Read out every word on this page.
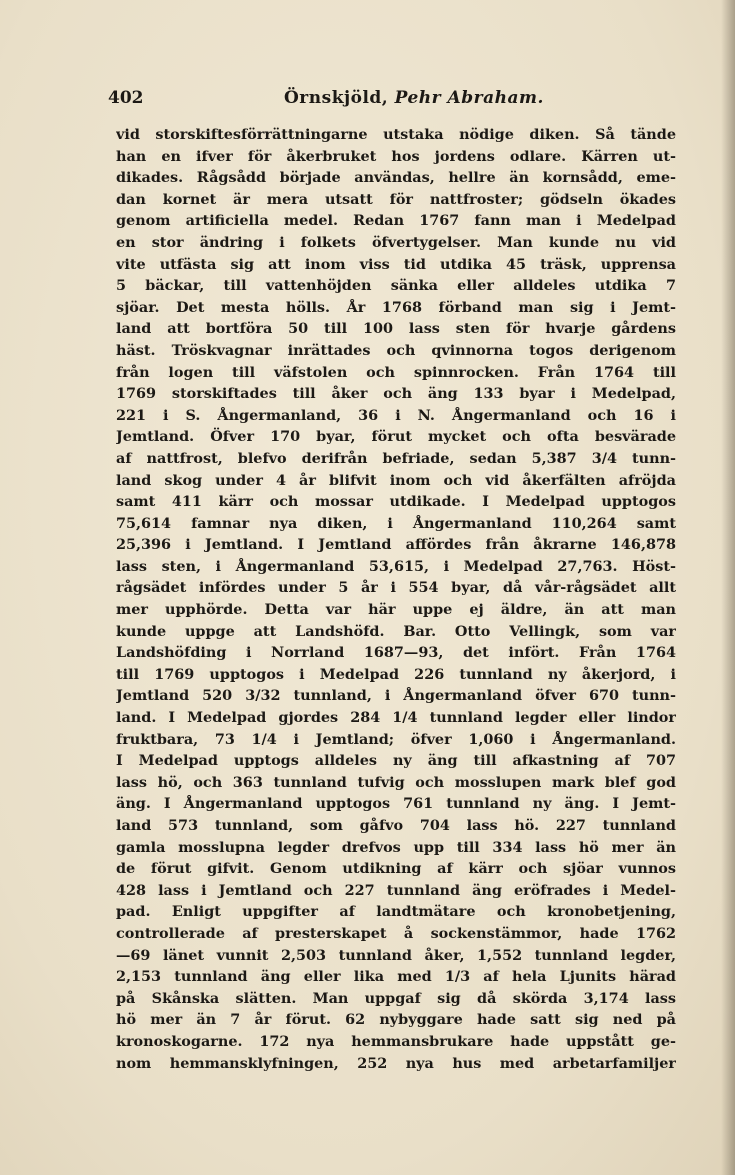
402	Örnskjöld, Pehr Abraham.
vid storskiftesförrättningarne utstaka nödige diken. Så tände
han en ifver för åkerbruket hos jordens odlare. Kärren ut-
dikades. Rågsådd började användas, hellre än kornsådd, eme-
dan kornet är mera utsatt för nattfroster; gödseln ökades
genom artificiella medel. Redan 1767 fann man i Medelpad
en stor ändring i folkets öfvertygelser. Man kunde nu vid
vite utfästa sig att inom viss tid utdika 45 träsk, upprensa
5 bäckar, till vattenhöjden sänka eller alldeles utdika 7
sjöar. Det mesta hölls. År 1768 förband man sig i Jemt-
land att bortföra 50 till 100 lass sten för hvarje gårdens
häst. Tröskvagnar inrättades och qvinnorna togos derigenom
från logen till väfstolen och spinnrocken. Från 1764 till
1769 storskiftades till åker och äng 133 byar i Medelpad,
221 i S. Ångermanland, 36 i N. Ångermanland och 16 i
Jemtland. Öfver 170 byar, förut mycket och ofta besvärade
af nattfrost, blefvo derifrån befriade, sedan 5,387 3/4 tunn-
land skog under 4 år blifvit inom och vid åkerfälten afröjda
samt 411 kärr och mossar utdikade. I Medelpad upptogos
75,614 famnar nya diken, i Ångermanland 110,264 samt
25,396 i Jemtland. I Jemtland affördes från åkrarne 146,878
lass sten, i Ångermanland 53,615, i Medelpad 27,763. Höst-
rågsädet infördes under 5 år i 554 byar, då vår-rågsädet allt
mer upphörde. Detta var här uppe ej äldre, än att man
kunde uppge att Landshöfd. Bar. Otto Vellingk, som var
Landshöfding i Norrland 1687—93, det infört. Från 1764
till 1769 upptogos i Medelpad 226 tunnland ny åkerjord, i
Jemtland 520 3/32 tunnland, i Ångermanland öfver 670 tunn-
land. I Medelpad gjordes 284 1/4 tunnland legder eller lindor
fruktbara, 73 1/4 i Jemtland; öfver 1,060 i Ångermanland.
I Medelpad upptogs alldeles ny äng till afkastning af 707
lass hö, och 363 tunnland tufvig och mosslupen mark blef god
äng. I Ångermanland upptogos 761 tunnland ny äng. I Jemt-
land 573 tunnland, som gåfvo 704 lass hö. 227 tunnland
gamla mosslupna legder drefvos upp till 334 lass hö mer än
de förut gifvit. Genom utdikning af kärr och sjöar vunnos
428 lass i Jemtland och 227 tunnland äng eröfrades i Medel-
pad. Enligt uppgifter af landtmätare och kronobetjening,
controllerade af presterskapet å sockenstämmor, hade 1762
—69 länet vunnit 2,503 tunnland åker, 1,552 tunnland legder,
2,153 tunnland äng eller lika med 1/3 af hela Ljunits härad
på Skånska slätten. Man uppgaf sig då skörda 3,174 lass
hö mer än 7 år förut. 62 nybyggare hade satt sig ned på
kronoskogarne. 172 nya hemmansbrukare hade uppstått ge-
nom hemmansklyfningen, 252 nya hus med arbetarfamiljer
